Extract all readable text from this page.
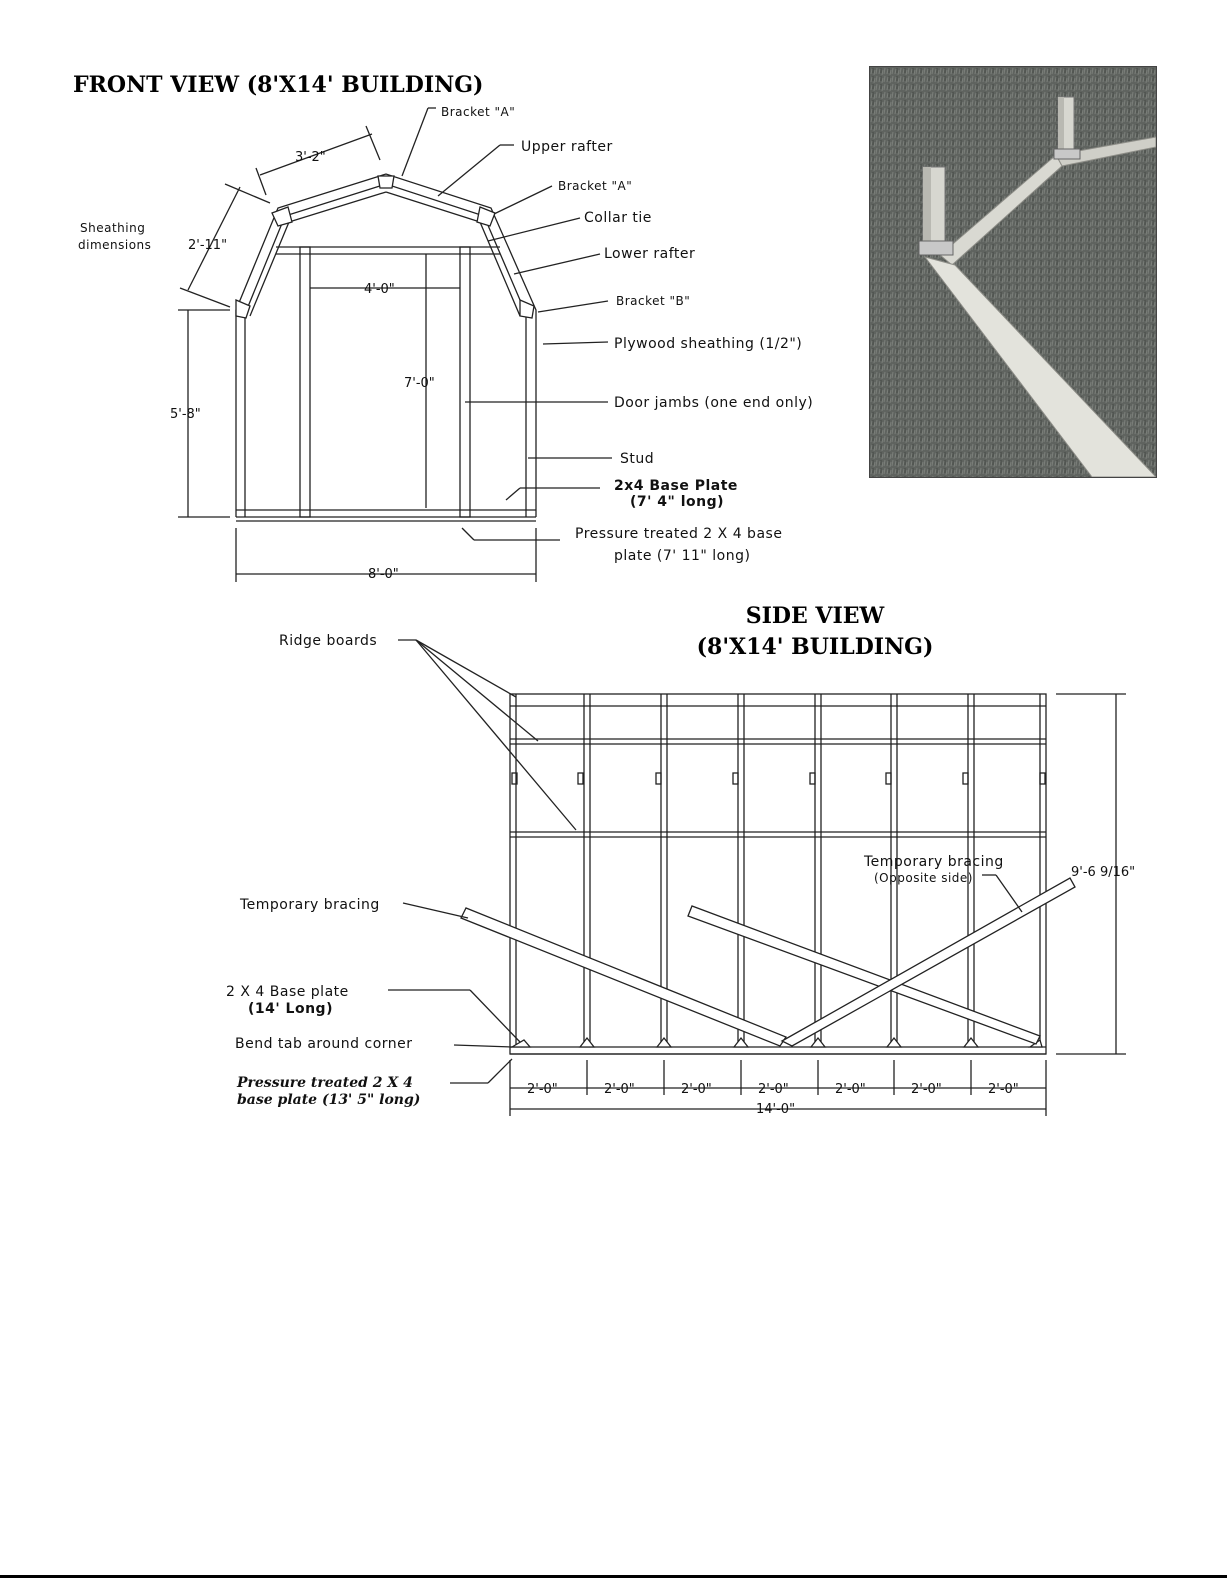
FRONT VIEW (8'X14' BUILDING)
SIDE VIEW
(8'X14' BUILDING)
Bracket "A"
Upper rafter
Bracket "A"
Collar tie
Lower rafter
Bracket "B"
Plywood sheathing (1/2")
Door jambs (one end only)
Stud
2x4 Base Plate
(7' 4" long)
Pressure treated 2 X 4 base
plate (7' 11" long)
Sheathing
dimensions
3'-2"
2'-11"
4'-0"
7'-0"
5'-8"
8'-0"
Ridge boards
Temporary bracing
Temporary bracing
(Opposite side)
2 X 4 Base plate
(14' Long)
Bend tab around corner
Pressure treated 2 X 4
base plate (13' 5" long)
9'-6 9/16"
2'-0"	2'-0"	2'-0"	2'-0"	2'-0"	2'-0"	2'-0"
14'-0"
